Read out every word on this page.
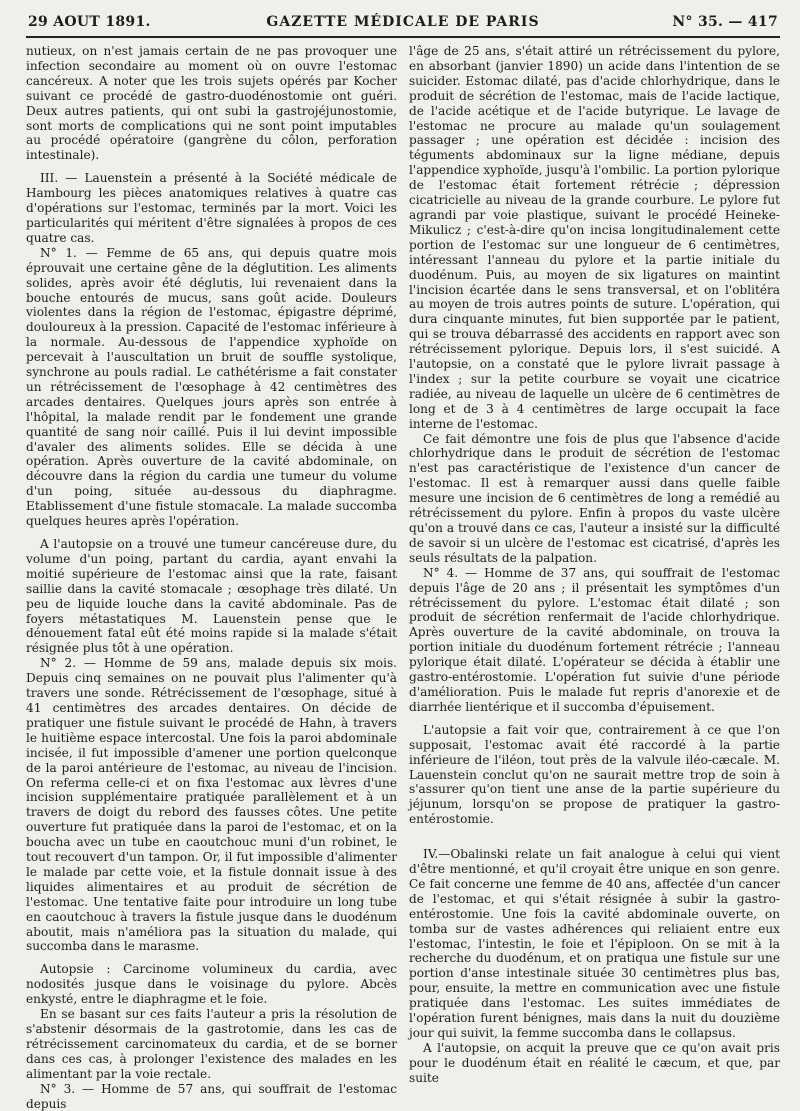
29 AOUT 1891.	GAZETTE MÉDICALE DE PARIS	N° 35. — 417

nutieux, on n'est jamais certain de ne pas provoquer une infection secondaire au moment où on ouvre l'estomac cancéreux. A noter que les trois sujets opérés par Kocher suivant ce procédé de gastro-duodénostomie ont guéri. Deux autres patients, qui ont subi la gastrojéjunostomie, sont morts de complications qui ne sont point imputables au procédé opératoire (gangrène du côlon, perforation intestinale).

III. — Lauenstein a présenté à la Société médicale de Hambourg les pièces anatomiques relatives à quatre cas d'opérations sur l'estomac, terminés par la mort. Voici les particularités qui méritent d'être signalées à propos de ces quatre cas.

N° 1. — Femme de 65 ans, qui depuis quatre mois éprouvait une certaine gêne de la déglutition. Les aliments solides, après avoir été déglutis, lui revenaient dans la bouche entourés de mucus, sans goût acide. Douleurs violentes dans la région de l'estomac, épigastre déprimé, douloureux à la pression. Capacité de l'estomac inférieure à la normale. Au-dessous de l'appendice xyphoïde on percevait à l'auscultation un bruit de souffle systolique, synchrone au pouls radial. Le cathétérisme a fait constater un rétrécissement de l'œsophage à 42 centimètres des arcades dentaires. Quelques jours après son entrée à l'hôpital, la malade rendit par le fondement une grande quantité de sang noir caillé. Puis il lui devint impossible d'avaler des aliments solides. Elle se décida à une opération. Après ouverture de la cavité abdominale, on découvre dans la région du cardia une tumeur du volume d'un poing, située au-dessous du diaphragme. Etablissement d'une fistule stomacale. La malade succomba quelques heures après l'opération.

A l'autopsie on a trouvé une tumeur cancéreuse dure, du volume d'un poing, partant du cardia, ayant envahi la moitié supérieure de l'estomac ainsi que la rate, faisant saillie dans la cavité stomacale ; œsophage très dilaté. Un peu de liquide louche dans la cavité abdominale. Pas de foyers métastatiques M. Lauenstein pense que le dénouement fatal eût été moins rapide si la malade s'était résignée plus tôt à une opération.

N° 2. — Homme de 59 ans, malade depuis six mois. Depuis cinq semaines on ne pouvait plus l'alimenter qu'à travers une sonde. Rétrécissement de l'œsophage, situé à 41 centimètres des arcades dentaires. On décide de pratiquer une fistule suivant le procédé de Hahn, à travers le huitième espace intercostal. Une fois la paroi abdominale incisée, il fut impossible d'amener une portion quelconque de la paroi antérieure de l'estomac, au niveau de l'incision. On referma celle-ci et on fixa l'estomac aux lèvres d'une incision supplémentaire pratiquée parallèlement et à un travers de doigt du rebord des fausses côtes. Une petite ouverture fut pratiquée dans la paroi de l'estomac, et on la boucha avec un tube en caoutchouc muni d'un robinet, le tout recouvert d'un tampon. Or, il fut impossible d'alimenter le malade par cette voie, et la fistule donnait issue à des liquides alimentaires et au produit de sécrétion de l'estomac. Une tentative faite pour introduire un long tube en caoutchouc à travers la fistule jusque dans le duodénum aboutit, mais n'améliora pas la situation du malade, qui succomba dans le marasme.

Autopsie : Carcinome volumineux du cardia, avec nodosités jusque dans le voisinage du pylore. Abcès enkysté, entre le diaphragme et le foie.

En se basant sur ces faits l'auteur a pris la résolution de s'abstenir désormais de la gastrotomie, dans les cas de rétrécissement carcinomateux du cardia, et de se borner dans ces cas, à prolonger l'existence des malades en les alimentant par la voie rectale.

N° 3. — Homme de 57 ans, qui souffrait de l'estomac depuis

l'âge de 25 ans, s'était attiré un rétrécissement du pylore, en absorbant (janvier 1890) un acide dans l'intention de se suicider. Estomac dilaté, pas d'acide chlorhydrique, dans le produit de sécrétion de l'estomac, mais de l'acide lactique, de l'acide acétique et de l'acide butyrique. Le lavage de l'estomac ne procure au malade qu'un soulagement passager ; une opération est décidée : incision des téguments abdominaux sur la ligne médiane, depuis l'appendice xyphoïde, jusqu'à l'ombilic. La portion pylorique de l'estomac était fortement rétrécie ; dépression cicatricielle au niveau de la grande courbure. Le pylore fut agrandi par voie plastique, suivant le procédé Heineke-Mikulicz ; c'est-à-dire qu'on incisa longitudinalement cette portion de l'estomac sur une longueur de 6 centimètres, intéressant l'anneau du pylore et la partie initiale du duodénum. Puis, au moyen de six ligatures on maintint l'incision écartée dans le sens transversal, et on l'oblitéra au moyen de trois autres points de suture. L'opération, qui dura cinquante minutes, fut bien supportée par le patient, qui se trouva débarrassé des accidents en rapport avec son rétrécissement pylorique. Depuis lors, il s'est suicidé. A l'autopsie, on a constaté que le pylore livrait passage à l'index ; sur la petite courbure se voyait une cicatrice radiée, au niveau de laquelle un ulcère de 6 centimètres de long et de 3 à 4 centimètres de large occupait la face interne de l'estomac.

Ce fait démontre une fois de plus que l'absence d'acide chlorhydrique dans le produit de sécrétion de l'estomac n'est pas caractéristique de l'existence d'un cancer de l'estomac. Il est à remarquer aussi dans quelle faible mesure une incision de 6 centimètres de long a remédié au rétrécissement du pylore. Enfin à propos du vaste ulcère qu'on a trouvé dans ce cas, l'auteur a insisté sur la difficulté de savoir si un ulcère de l'estomac est cicatrisé, d'après les seuls résultats de la palpation.

N° 4. — Homme de 37 ans, qui souffrait de l'estomac depuis l'âge de 20 ans ; il présentait les symptômes d'un rétrécissement du pylore. L'estomac était dilaté ; son produit de sécrétion renfermait de l'acide chlorhydrique. Après ouverture de la cavité abdominale, on trouva la portion initiale du duodénum fortement rétrécie ; l'anneau pylorique était dilaté. L'opérateur se décida à établir une gastro-entérostomie. L'opération fut suivie d'une période d'amélioration. Puis le malade fut repris d'anorexie et de diarrhée lientérique et il succomba d'épuisement.

L'autopsie a fait voir que, contrairement à ce que l'on supposait, l'estomac avait été raccordé à la partie inférieure de l'iléon, tout près de la valvule iléo-cæcale. M. Lauenstein conclut qu'on ne saurait mettre trop de soin à s'assurer qu'on tient une anse de la partie supérieure du jéjunum, lorsqu'on se propose de pratiquer la gastro-entérostomie.

IV.—Obalinski relate un fait analogue à celui qui vient d'être mentionné, et qu'il croyait être unique en son genre. Ce fait concerne une femme de 40 ans, affectée d'un cancer de l'estomac, et qui s'était résignée à subir la gastro-entérostomie. Une fois la cavité abdominale ouverte, on tomba sur de vastes adhérences qui reliaient entre eux l'estomac, l'intestin, le foie et l'épiploon. On se mit à la recherche du duodénum, et on pratiqua une fistule sur une portion d'anse intestinale située 30 centimètres plus bas, pour, ensuite, la mettre en communication avec une fistule pratiquée dans l'estomac. Les suites immédiates de l'opération furent bénignes, mais dans la nuit du douzième jour qui suivit, la femme succomba dans le collapsus.

A l'autopsie, on acquit la preuve que ce qu'on avait pris pour le duodénum était en réalité le cæcum, et que, par suite
